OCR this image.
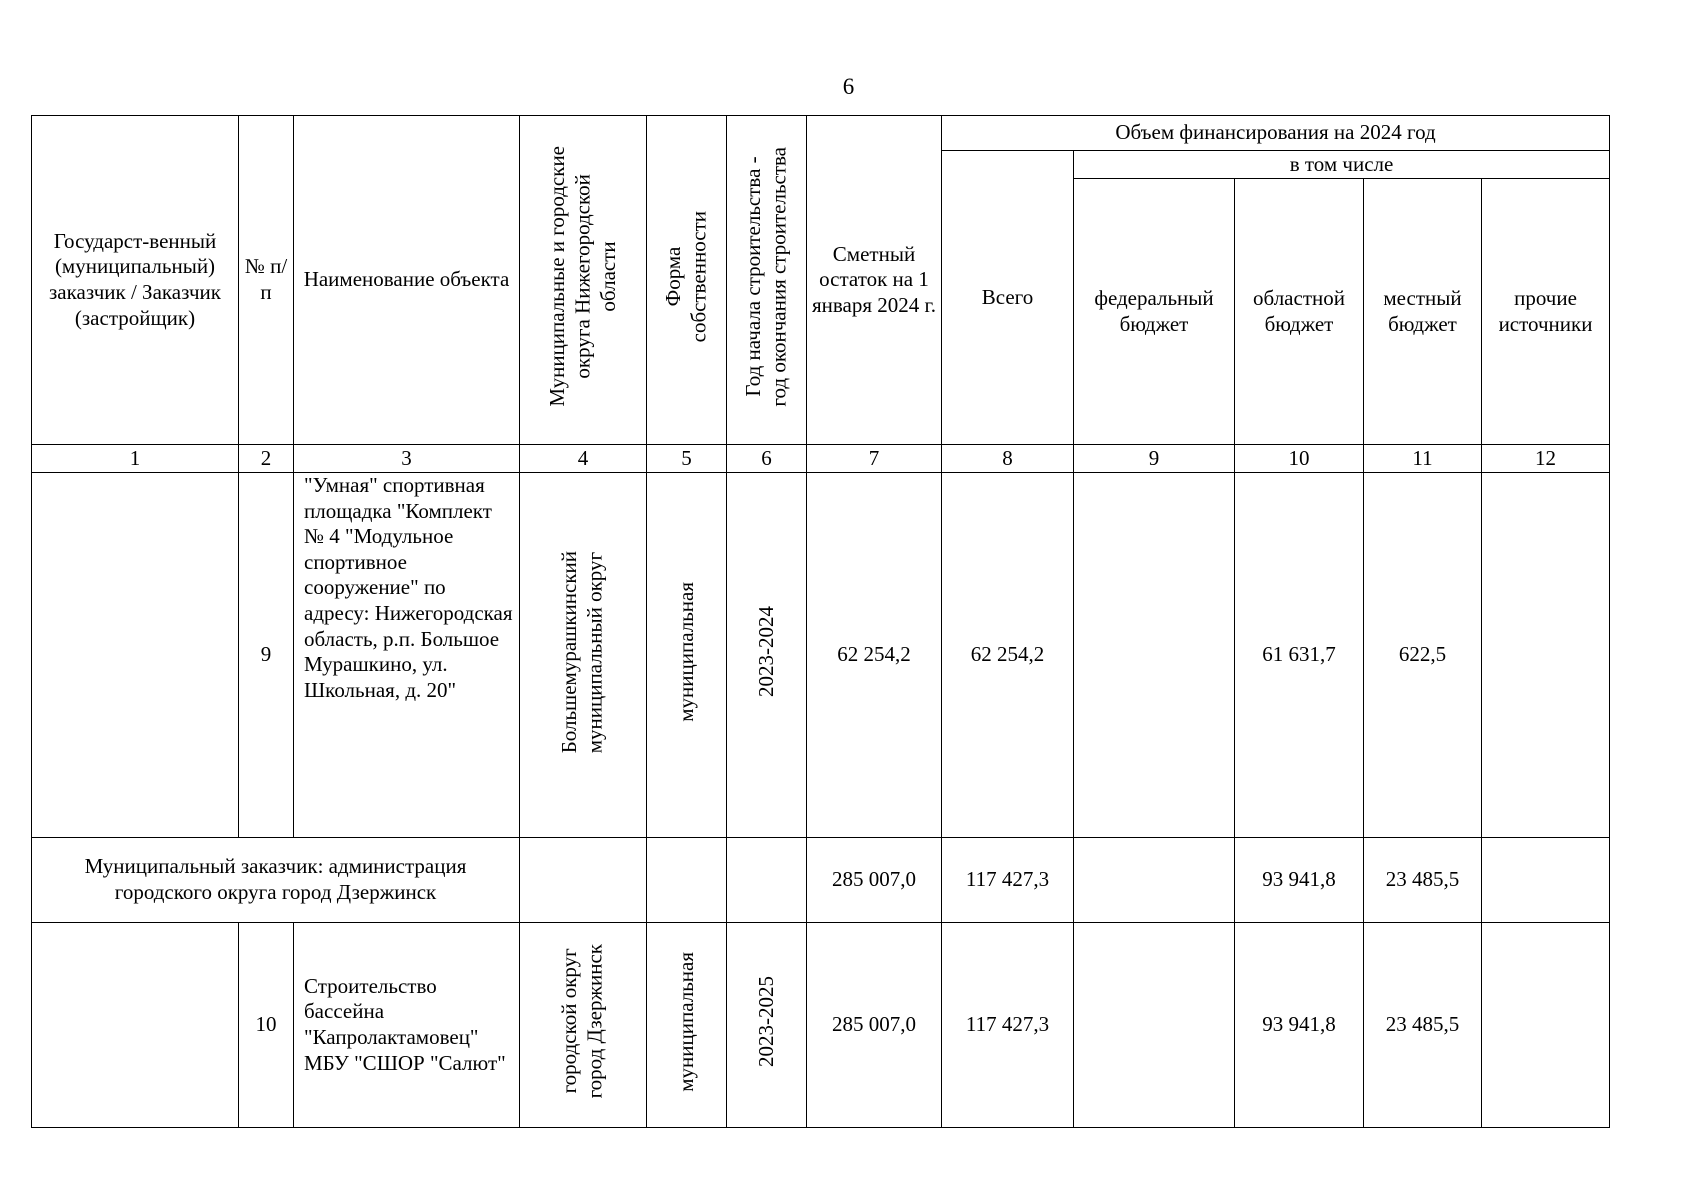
6
Государст-венный (муниципальный) заказчик / Заказчик (застройщик)	№ п/п	Наименование объекта	Муниципальные и городские
округа Нижегородской
области	Форма
собственности	Год начала строительства -
год окончания строительства	Сметный остаток на 1 января 2024 г.	Объем финансирования на 2024 год				
							Всего	в том числе			
								федеральный бюджет	областной бюджет	местный бюджет	прочие источники
1	2	3	4	5	6	7	8	9	10	11	12
	9	"Умная" спортивная площадка "Комплект № 4 "Модульное спортивное сооружение" по адресу: Нижегородская область, р.п. Большое Мурашкино, ул. Школьная, д. 20"	Большемурашкинский
муниципальный округ	муниципальная	2023-2024	62 254,2	62 254,2		61 631,7	622,5	
Муниципальный заказчик: администрация городского округа город Дзержинск						285 007,0	117 427,3		93 941,8	23 485,5	
	10	Строительство бассейна "Капролактамовец" МБУ "СШОР "Салют"	городской округ
город Дзержинск	муниципальная	2023-2025	285 007,0	117 427,3		93 941,8	23 485,5	
